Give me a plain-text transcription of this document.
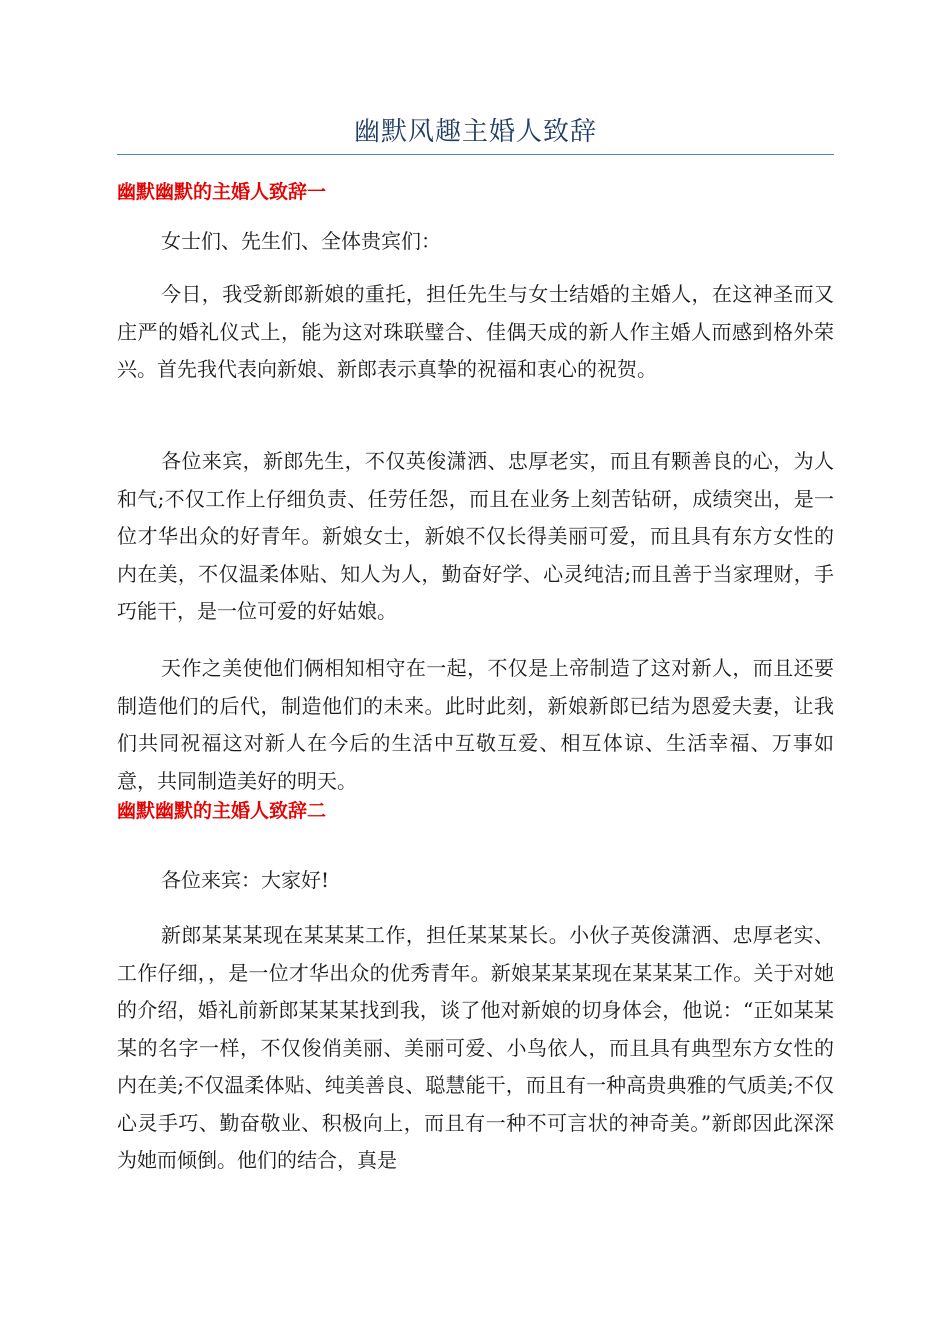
幽默风趣主婚人致辞
幽默幽默的主婚人致辞一

女士们、先生们、全体贵宾们：

今日，我受新郎新娘的重托，担任先生与女士结婚的主婚人，在这神圣而又庄严的婚礼仪式上，能为这对珠联璧合、佳偶天成的新人作主婚人而感到格外荣兴。首先我代表向新娘、新郎表示真挚的祝福和衷心的祝贺。

各位来宾，新郎先生，不仅英俊潇洒、忠厚老实，而且有颗善良的心，为人和气;不仅工作上仔细负责、任劳任怨，而且在业务上刻苦钻研，成绩突出，是一位才华出众的好青年。新娘女士，新娘不仅长得美丽可爱，而且具有东方女性的内在美，不仅温柔体贴、知人为人，勤奋好学、心灵纯洁;而且善于当家理财，手巧能干，是一位可爱的好姑娘。

天作之美使他们俩相知相守在一起，不仅是上帝制造了这对新人，而且还要制造他们的后代，制造他们的未来。此时此刻，新娘新郎已结为恩爱夫妻，让我们共同祝福这对新人在今后的生活中互敬互爱、相互体谅、生活幸福、万事如意，共同制造美好的明天。

幽默幽默的主婚人致辞二

各位来宾：大家好!

新郎某某某现在某某某工作，担任某某某长。小伙子英俊潇洒、忠厚老实、工作仔细，，是一位才华出众的优秀青年。新娘某某某现在某某某工作。关于对她的介绍，婚礼前新郎某某某找到我，谈了他对新娘的切身体会，他说：“正如某某某的名字一样，不仅俊俏美丽、美丽可爱、小鸟依人，而且具有典型东方女性的内在美;不仅温柔体贴、纯美善良、聪慧能干，而且有一种高贵典雅的气质美;不仅心灵手巧、勤奋敬业、积极向上，而且有一种不可言状的神奇美。”新郎因此深深为她而倾倒。他们的结合，真是
